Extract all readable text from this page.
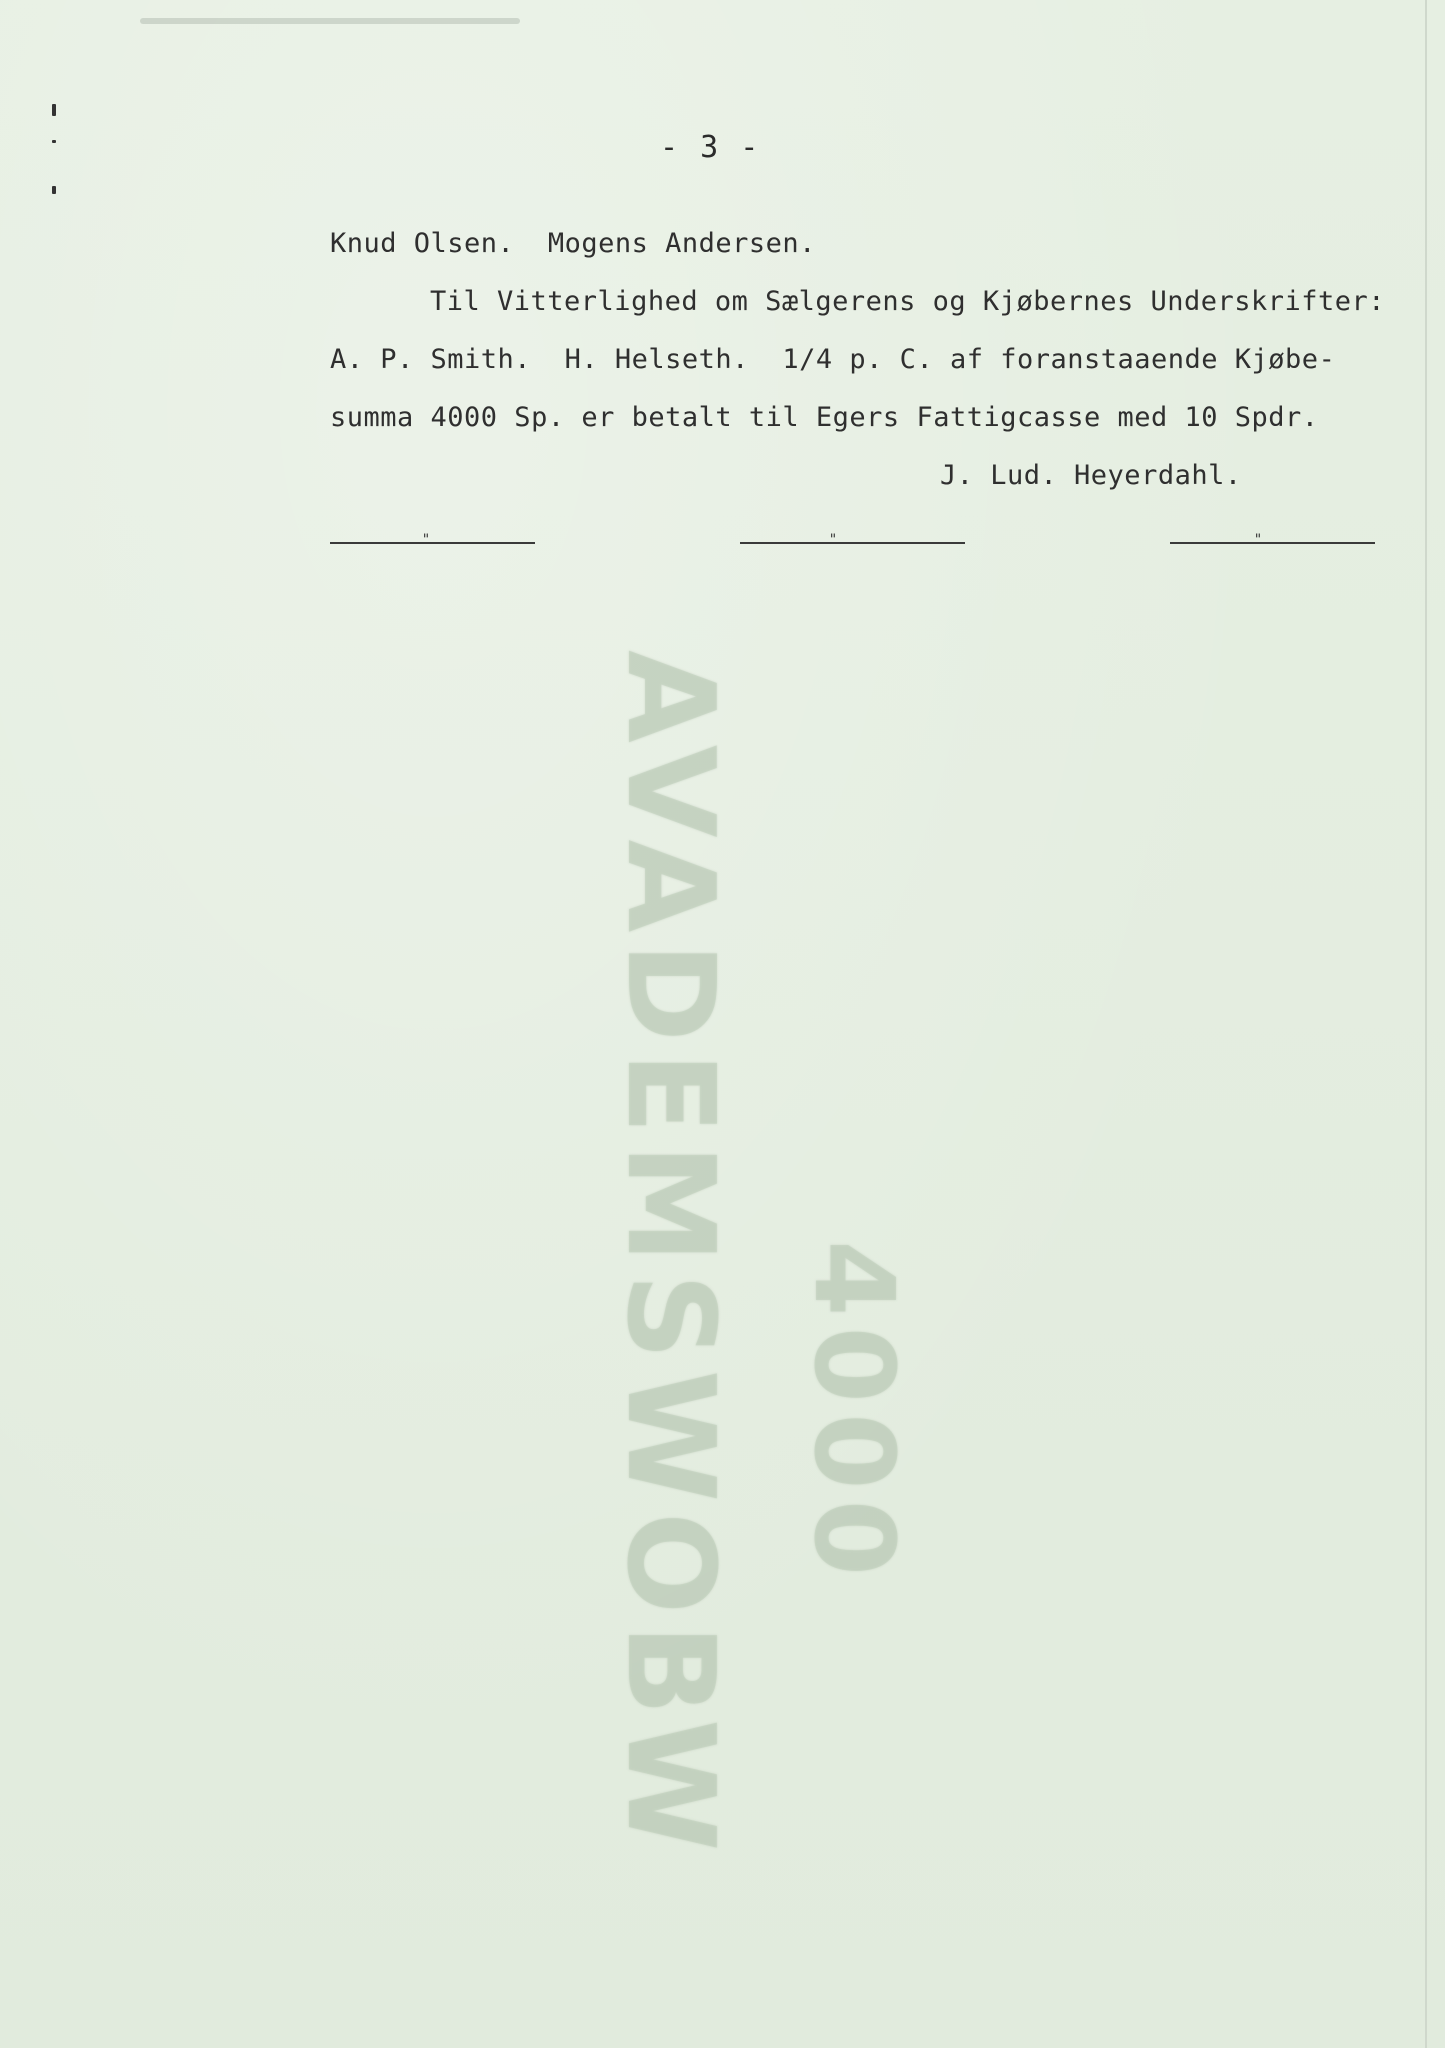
AVADEMSWOBW 4000
- 3 -
Knud Olsen.  Mogens Andersen.
Til Vitterlighed om Sælgerens og Kjøbernes Underskrifter:
A. P. Smith.  H. Helseth.  1/4 p. C. af foranstaaende Kjøbe-
summa 4000 Sp. er betalt til Egers Fattigcasse med 10 Spdr.
J. Lud. Heyerdahl.
"	"	"
